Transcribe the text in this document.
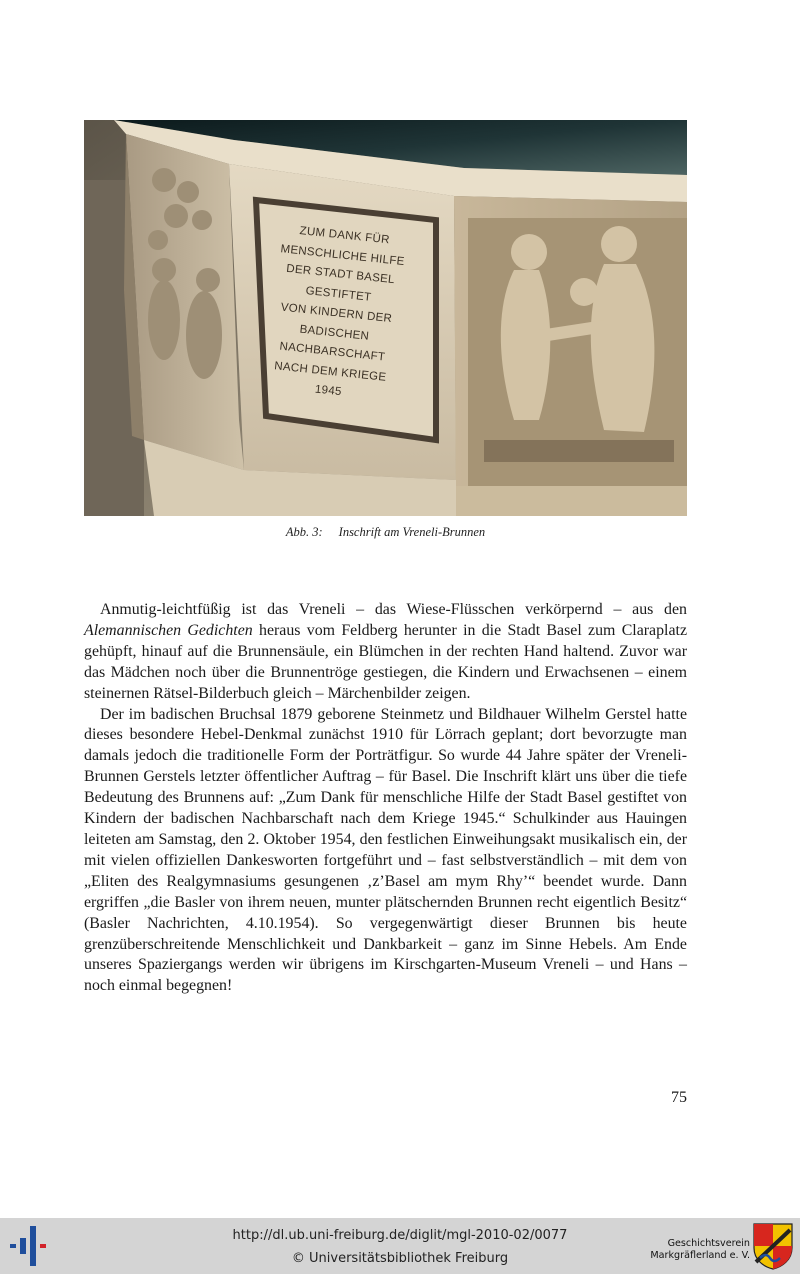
ZUM DANK FÜR
MENSCHLICHE HILFE
DER STADT BASEL
GESTIFTET
VON KINDERN DER
BADISCHEN
NACHBARSCHAFT
NACH DEM KRIEGE
1945
Abb. 3: Inschrift am Vreneli-Brunnen

Anmutig-leichtfüßig ist das Vreneli – das Wiese-Flüsschen verkörpernd – aus den Alemannischen Gedichten heraus vom Feldberg herunter in die Stadt Basel zum Claraplatz gehüpft, hinauf auf die Brunnensäule, ein Blümchen in der rechten Hand haltend. Zuvor war das Mädchen noch über die Brunnentröge gestiegen, die Kindern und Erwachsenen – einem steinernen Rätsel-Bilderbuch gleich – Märchenbilder zeigen.

Der im badischen Bruchsal 1879 geborene Steinmetz und Bildhauer Wilhelm Gerstel hatte dieses besondere Hebel-Denkmal zunächst 1910 für Lörrach geplant; dort bevorzugte man damals jedoch die traditionelle Form der Porträtfigur. So wurde 44 Jahre später der Vreneli-Brunnen Gerstels letzter öffentlicher Auftrag – für Basel. Die Inschrift klärt uns über die tiefe Bedeutung des Brunnens auf: „Zum Dank für menschliche Hilfe der Stadt Basel gestiftet von Kindern der badischen Nachbarschaft nach dem Kriege 1945.“ Schulkinder aus Hauingen leiteten am Samstag, den 2. Oktober 1954, den festlichen Einweihungsakt musikalisch ein, der mit vielen offiziellen Dankesworten fortgeführt und – fast selbstverständlich – mit dem von „Eliten des Realgymnasiums gesungenen ‚z’Basel am mym Rhy’“ beendet wurde. Dann ergriffen „die Basler von ihrem neuen, munter plätschernden Brunnen recht eigentlich Besitz“ (Basler Nachrichten, 4.10.1954). So vergegenwärtigt dieser Brunnen bis heute grenzüberschreitende Menschlichkeit und Dankbarkeit – ganz im Sinne Hebels. Am Ende unseres Spaziergangs werden wir übrigens im Kirschgarten-Museum Vreneli – und Hans – noch einmal begegnen!

75
http://dl.ub.uni-freiburg.de/diglit/mgl-2010-02/0077
© Universitätsbibliothek Freiburg
Geschichtsverein
Markgräflerland e. V.
